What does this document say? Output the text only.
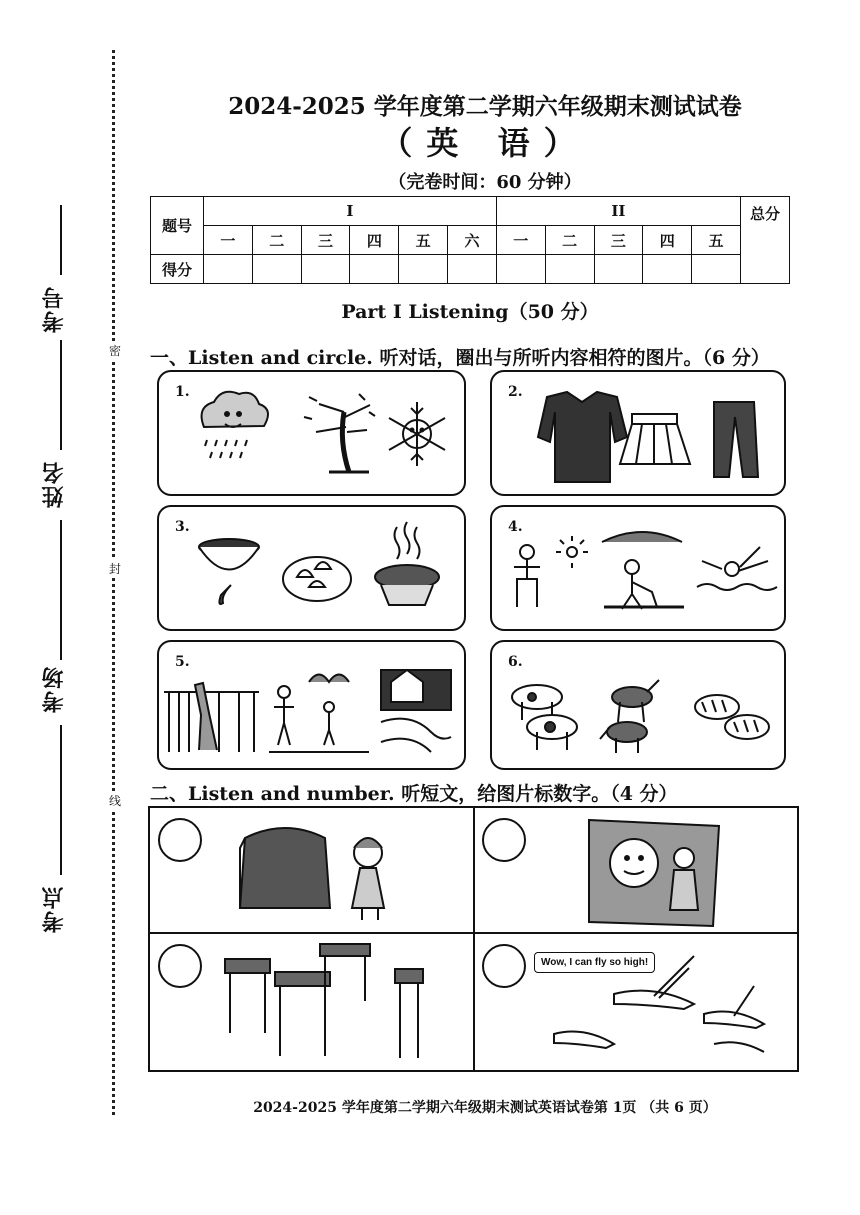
考号
姓名
考场
考点
密
封
线
2024-2025 学年度第二学期六年级期末测试试卷
（英 语）
（完卷时间：60 分钟）
题号	I						II					总分
	一	二	三	四	五	六	一	二	三	四	五	
得分												
Part I Listening（50 分）
一、Listen and circle. 听对话，圈出与所听内容相符的图片。（6 分）
1.	2.
3.	4.
5.	6.
二、Listen and number. 听短文，给图片标数字。（4 分）
Wow, I can fly so high!
2024-2025 学年度第二学期六年级期末测试英语试卷第 1页 （共 6 页）
